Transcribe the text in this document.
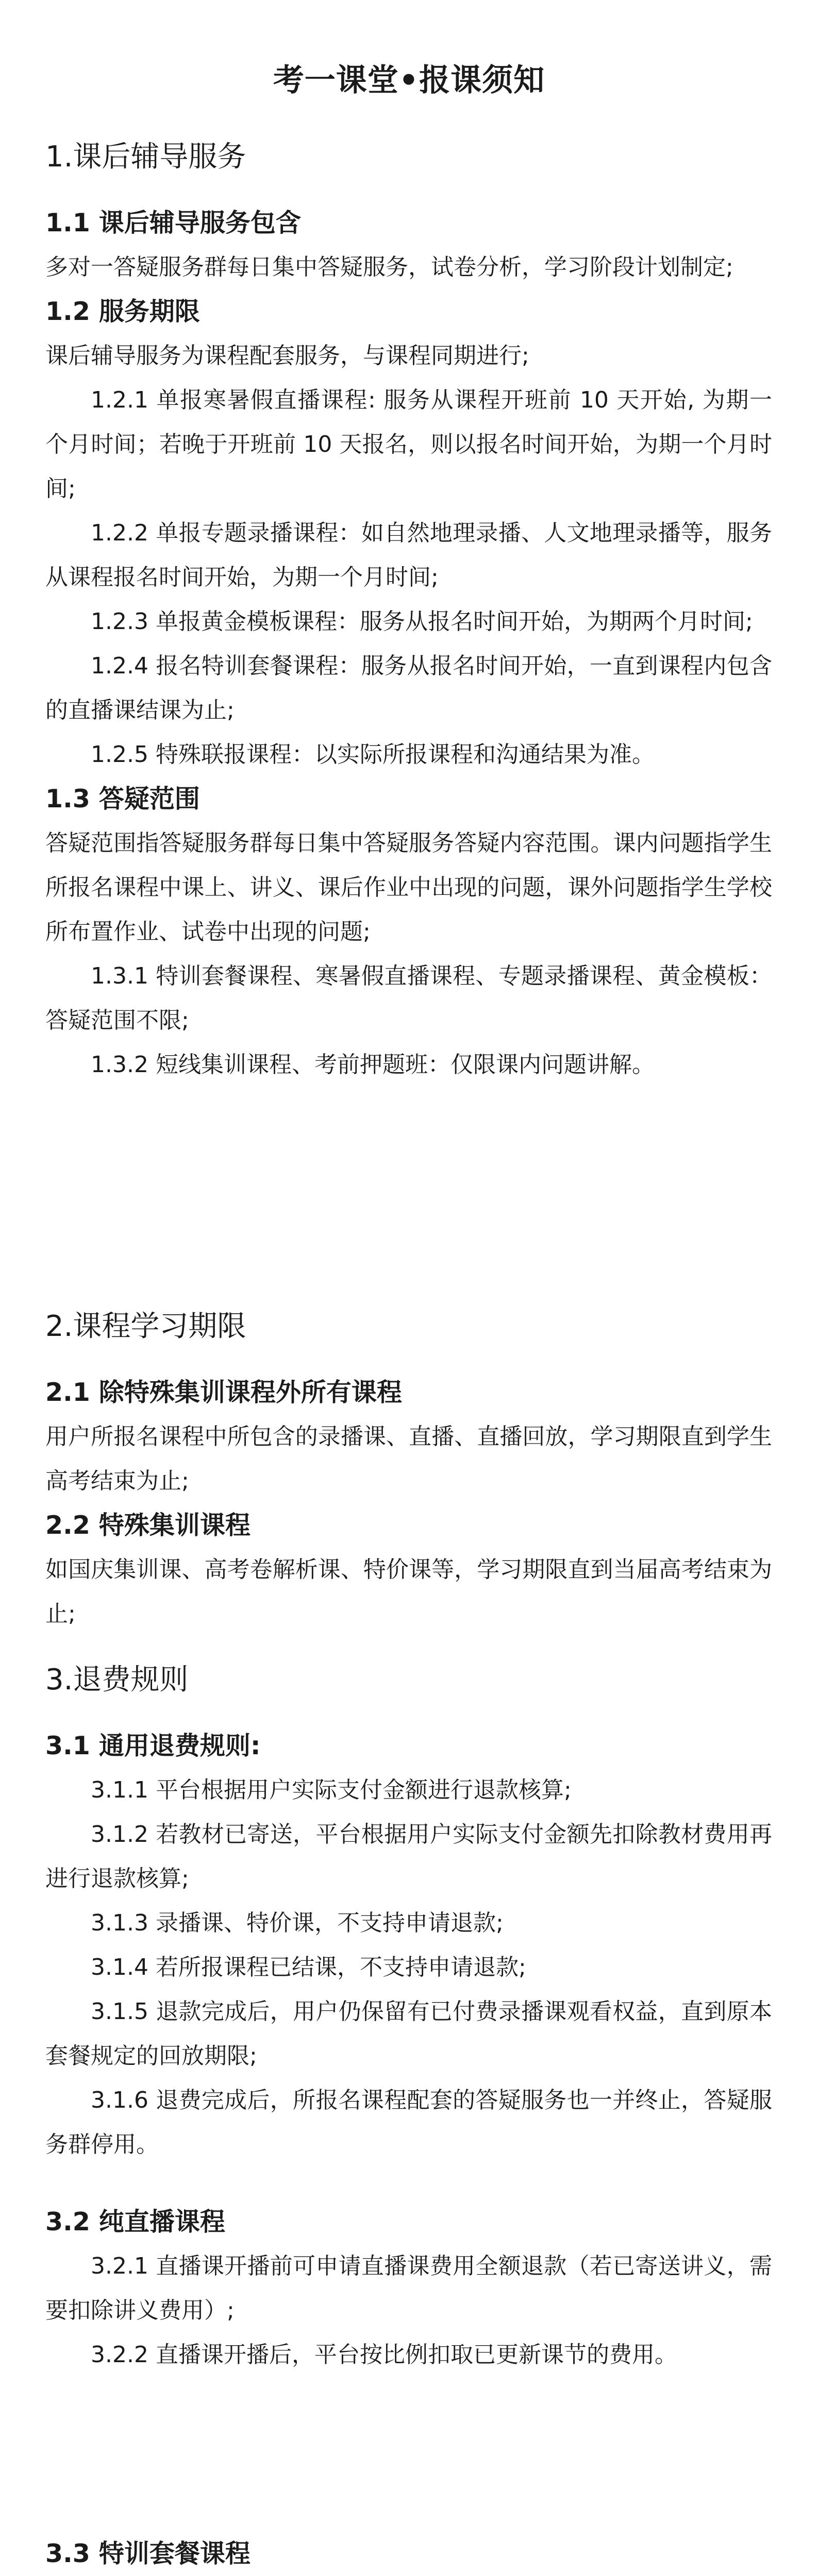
考一课堂•报课须知
1.课后辅导服务
1.1 课后辅导服务包含

多对一答疑服务群每日集中答疑服务，试卷分析，学习阶段计划制定;

1.2 服务期限

课后辅导服务为课程配套服务，与课程同期进行;

1.2.1 单报寒暑假直播课程: 服务从课程开班前 10 天开始, 为期一个月时间；若晚于开班前 10 天报名，则以报名时间开始，为期一个月时间;

1.2.2 单报专题录播课程：如自然地理录播、人文地理录播等，服务从课程报名时间开始，为期一个月时间;

1.2.3 单报黄金模板课程：服务从报名时间开始，为期两个月时间;

1.2.4 报名特训套餐课程：服务从报名时间开始，一直到课程内包含的直播课结课为止;

1.2.5 特殊联报课程：以实际所报课程和沟通结果为准。

1.3 答疑范围

答疑范围指答疑服务群每日集中答疑服务答疑内容范围。课内问题指学生所报名课程中课上、讲义、课后作业中出现的问题，课外问题指学生学校所布置作业、试卷中出现的问题;

1.3.1 特训套餐课程、寒暑假直播课程、专题录播课程、黄金模板：答疑范围不限;

1.3.2 短线集训课程、考前押题班：仅限课内问题讲解。

2.课程学习期限
2.1 除特殊集训课程外所有课程

用户所报名课程中所包含的录播课、直播、直播回放，学习期限直到学生高考结束为止;

2.2 特殊集训课程

如国庆集训课、高考卷解析课、特价课等，学习期限直到当届高考结束为止;

3.退费规则
3.1 通用退费规则:

3.1.1 平台根据用户实际支付金额进行退款核算;

3.1.2 若教材已寄送，平台根据用户实际支付金额先扣除教材费用再进行退款核算;

3.1.3 录播课、特价课，不支持申请退款;

3.1.4 若所报课程已结课，不支持申请退款;

3.1.5 退款完成后，用户仍保留有已付费录播课观看权益，直到原本套餐规定的回放期限;

3.1.6 退费完成后，所报名课程配套的答疑服务也一并终止，答疑服务群停用。

3.2 纯直播课程

3.2.1 直播课开播前可申请直播课费用全额退款（若已寄送讲义，需要扣除讲义费用）;

3.2.2 直播课开播后，平台按比例扣取已更新课节的费用。

3.3 特训套餐课程
